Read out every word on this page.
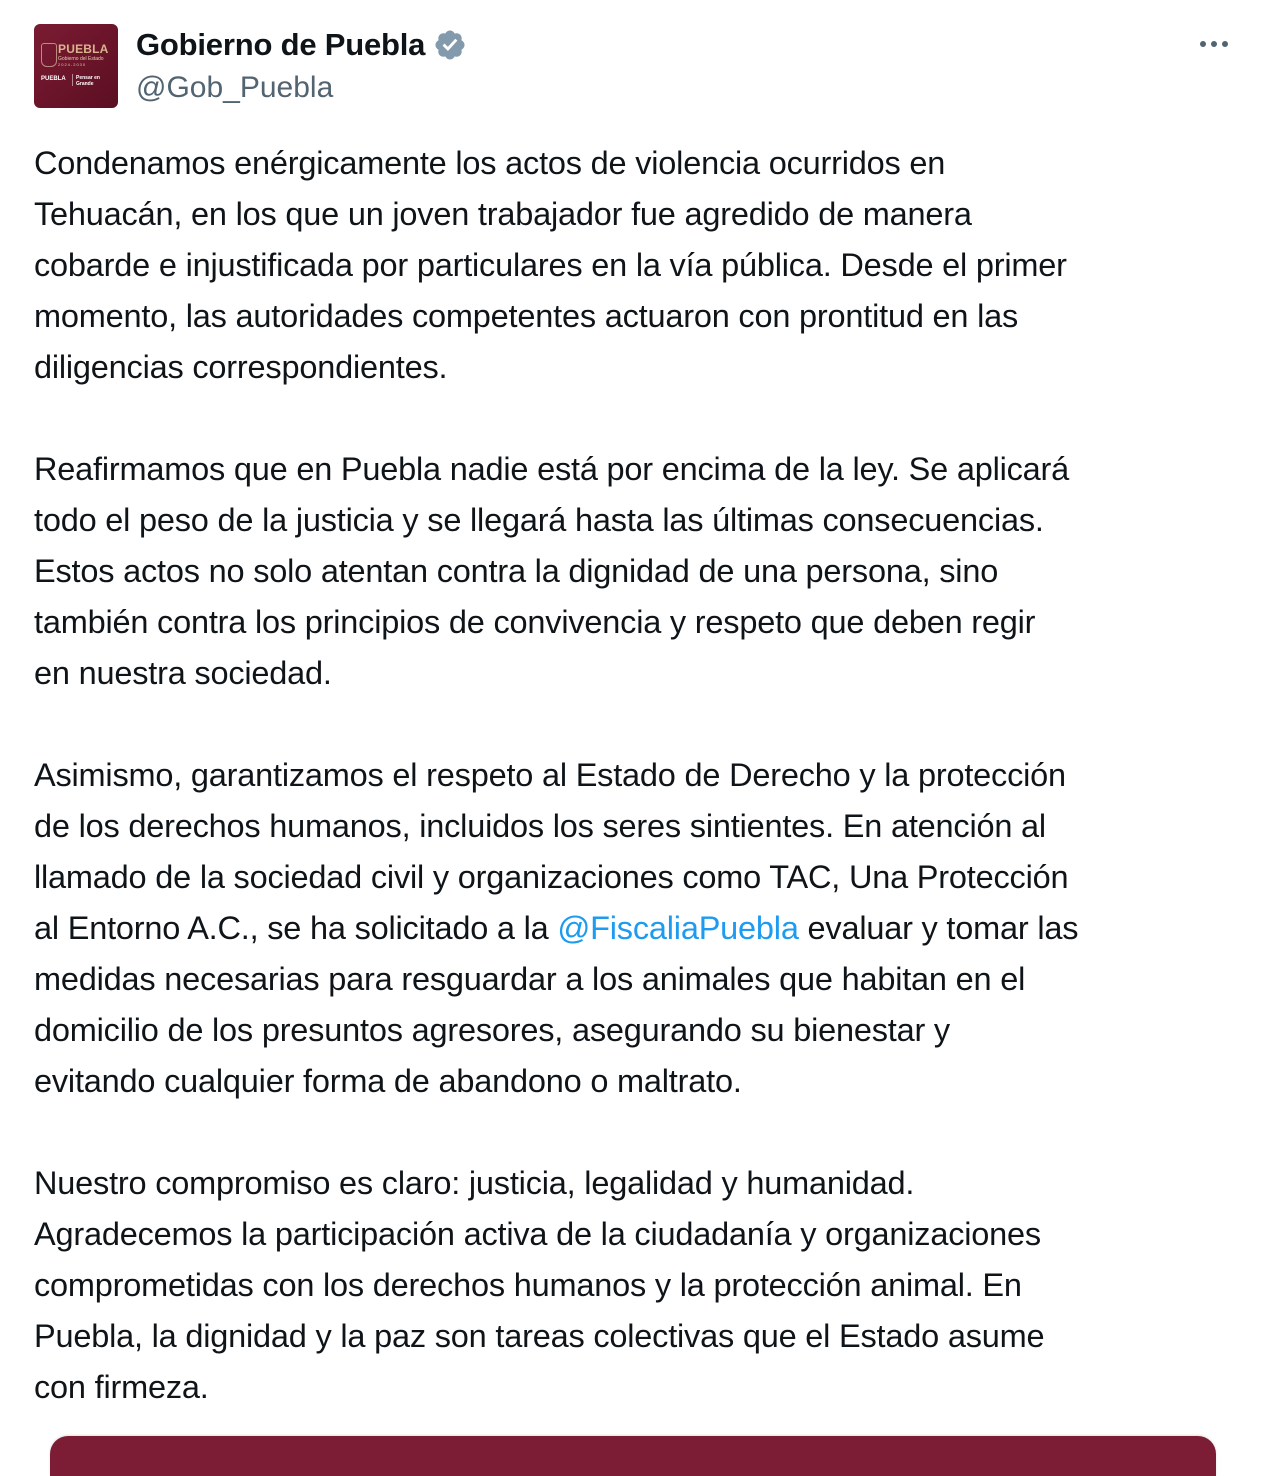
PUEBLA
Gobierno del Estado
2024-2030
PUEBLA Pensar en Grande
Gobierno de Puebla
@Gob_Puebla

Condenamos enérgicamente los actos de violencia ocurridos en
Tehuacán, en los que un joven trabajador fue agredido de manera
cobarde e injustificada por particulares en la vía pública. Desde el primer
momento, las autoridades competentes actuaron con prontitud en las
diligencias correspondientes.

Reafirmamos que en Puebla nadie está por encima de la ley. Se aplicará
todo el peso de la justicia y se llegará hasta las últimas consecuencias.
Estos actos no solo atentan contra la dignidad de una persona, sino
también contra los principios de convivencia y respeto que deben regir
en nuestra sociedad.

Asimismo, garantizamos el respeto al Estado de Derecho y la protección
de los derechos humanos, incluidos los seres sintientes. En atención al
llamado de la sociedad civil y organizaciones como TAC, Una Protección
al Entorno A.C., se ha solicitado a la @FiscaliaPuebla evaluar y tomar las
medidas necesarias para resguardar a los animales que habitan en el
domicilio de los presuntos agresores, asegurando su bienestar y
evitando cualquier forma de abandono o maltrato.

Nuestro compromiso es claro: justicia, legalidad y humanidad.
Agradecemos la participación activa de la ciudadanía y organizaciones
comprometidas con los derechos humanos y la protección animal. En
Puebla, la dignidad y la paz son tareas colectivas que el Estado asume
con firmeza.
